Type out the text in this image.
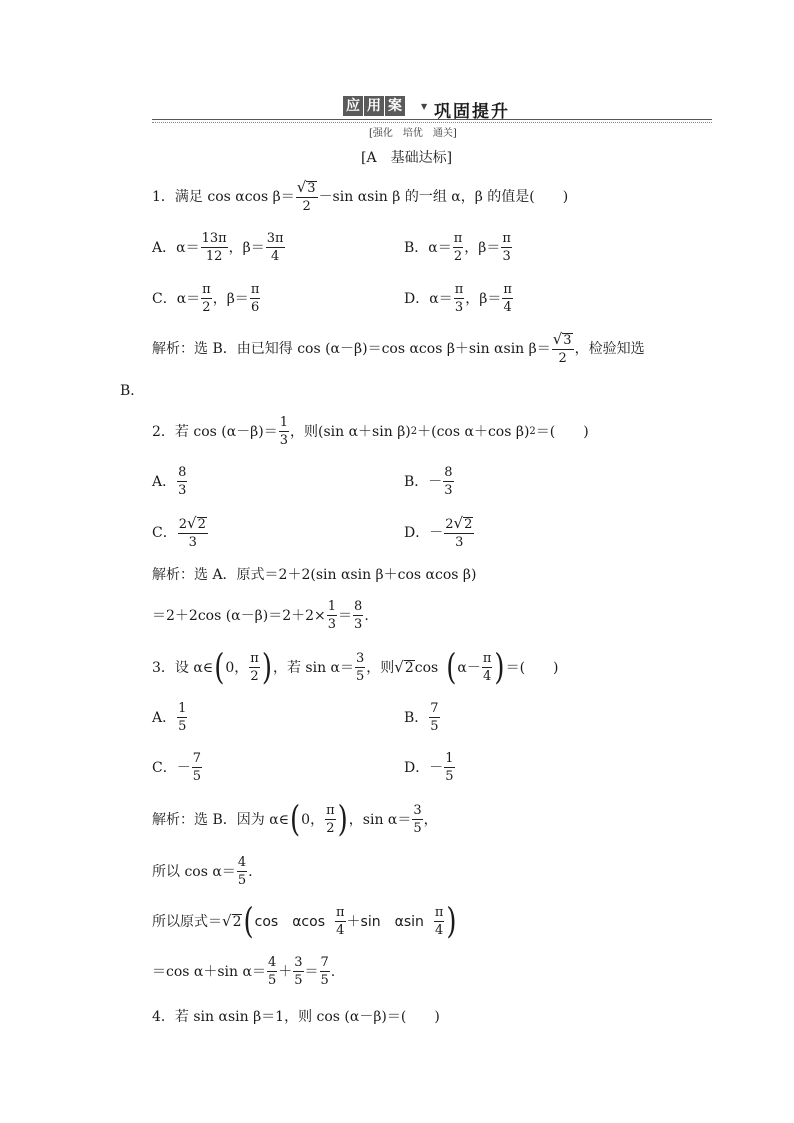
应 用 案	▼ 巩固提升
[强化　培优　通关]
[A　基础达标]
1．满足 cos αcos $\beta= \frac{√ 3}{2} -\sin$ αsin β 的一组 α，β 的值是(　　)
A．$\alpha= \frac{13\pi}{12}$ ，$\beta= \frac{3\pi}{4}$	B．$\alpha= \frac{\pi}{2}$ ，$\beta= \frac{\pi}{3}$
C．$\alpha= \frac{\pi}{2}$ ，$\beta= \frac{\pi}{6}$	D．$\alpha= \frac{\pi}{3}$ ，$\beta= \frac{\pi}{4}$
解析：选 B．由已知得 cos (α－β)＝cos αcos β＋sin αsin $\beta= \frac{√ 3}{2}$ ，检验知选
B．
2．若 $\cos (\alpha-\beta)= \frac{1}{3}$ ，则(sin α＋sin β) 2 ＋(cos α＋cos β) 2 ＝(　　)
A． $\frac{8}{3}$	B．－ $\frac{8}{3}$
C． $\frac{2 √ 2}{3}$	D．－ $\frac{2 √ 2}{3}$
解析：选 A．原式＝2＋2(sin αsin β＋cos αcos β)
＝2＋2cos $(\alpha-\beta)=2+2\times \frac{1}{3} = \frac{8}{3}$ .
3．设 α∈ ( 0， $\frac{\pi}{2}$ ) ，若 $\sin \alpha= \frac{3}{5}$ ，则 √ 2 cos ( $\alpha- \frac{\pi}{4}$ ) ＝(　　)
A． $\frac{1}{5}$	B． $\frac{7}{5}$
C．－ $\frac{7}{5}$	D．－ $\frac{1}{5}$
解析：选 B．因为 α∈ ( 0， $\frac{\pi}{2}$ ) ，$\sin \alpha= \frac{3}{5}$ ，
所以 $\cos \alpha= \frac{4}{5}$ .
所以原式＝ √ 2 ( cos　αcos $\frac{\pi}{4} +\sin$　αsin $\frac{\pi}{4}$ )
＝cos α＋sin $\alpha= \frac{4}{5} + \frac{3}{5} = \frac{7}{5}$ .
4．若 sin αsin β＝1，则 cos (α－β)＝(　　)
